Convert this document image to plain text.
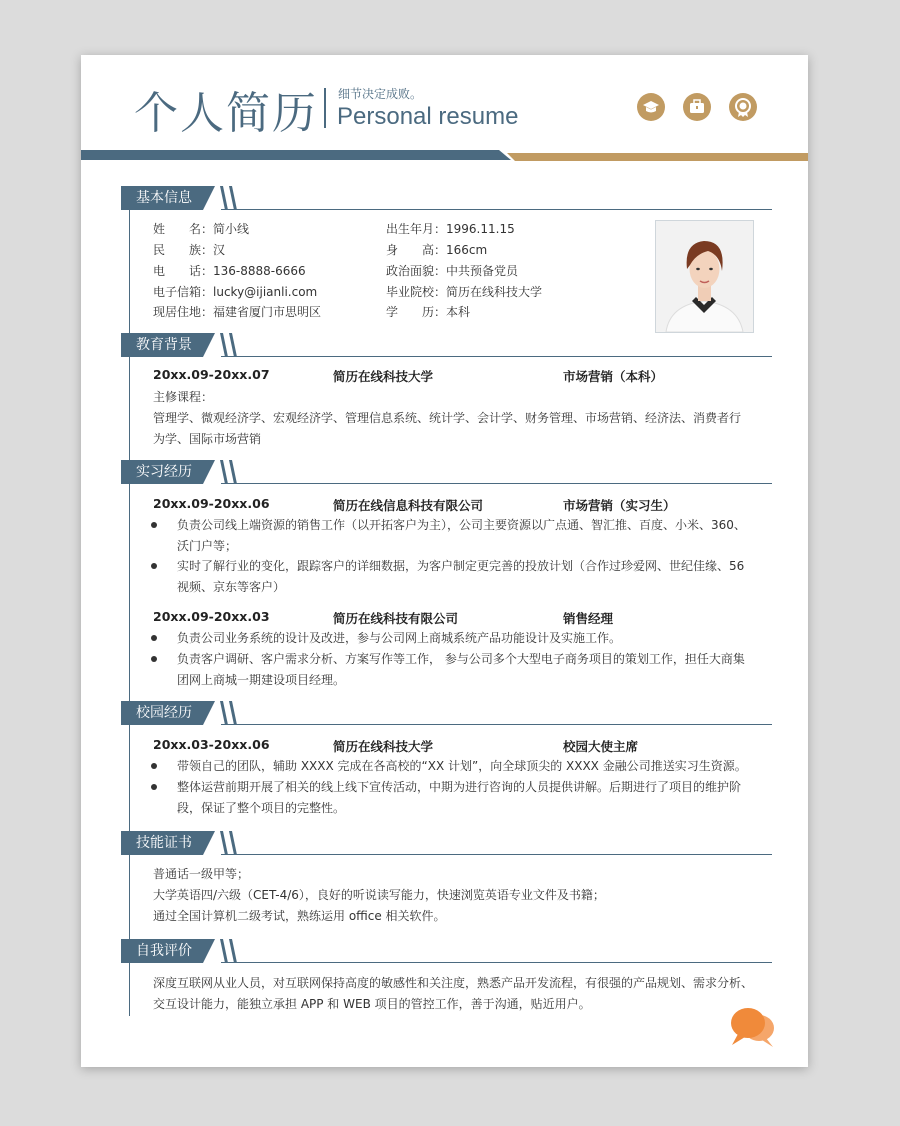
个人简历 细节决定成败。
Personal resume
基本信息
姓　　名：简小线
民　　族：汉
电　　话：136-8888-6666
电子信箱：lucky@ijianli.com
现居住地：福建省厦门市思明区
出生年月：1996.11.15
身　　高：166cm
政治面貌：中共预备党员
毕业院校：简历在线科技大学
学　　历：本科
教育背景
20xx.09-20xx.07	简历在线科技大学	市场营销（本科）
主修课程：
管理学、微观经济学、宏观经济学、管理信息系统、统计学、会计学、财务管理、市场营销、经济法、消费者行
为学、国际市场营销
实习经历
20xx.09-20xx.06	简历在线信息科技有限公司	市场营销（实习生）
负责公司线上端资源的销售工作（以开拓客户为主），公司主要资源以广点通、智汇推、百度、小米、360、
沃门户等；
实时了解行业的变化，跟踪客户的详细数据，为客户制定更完善的投放计划（合作过珍爱网、世纪佳缘、56
视频、京东等客户）
20xx.09-20xx.03	简历在线科技有限公司	销售经理
负责公司业务系统的设计及改进，参与公司网上商城系统产品功能设计及实施工作。
负责客户调研、客户需求分析、方案写作等工作， 参与公司多个大型电子商务项目的策划工作，担任大商集
团网上商城一期建设项目经理。
校园经历
20xx.03-20xx.06	简历在线科技大学	校园大使主席
带领自己的团队，辅助 XXXX 完成在各高校的“XX 计划”，向全球顶尖的 XXXX 金融公司推送实习生资源。
整体运营前期开展了相关的线上线下宣传活动，中期为进行咨询的人员提供讲解。后期进行了项目的维护阶
段，保证了整个项目的完整性。
技能证书
普通话一级甲等；
大学英语四/六级（CET-4/6），良好的听说读写能力，快速浏览英语专业文件及书籍；
通过全国计算机二级考试，熟练运用 office 相关软件。
自我评价
深度互联网从业人员，对互联网保持高度的敏感性和关注度，熟悉产品开发流程，有很强的产品规划、需求分析、
交互设计能力，能独立承担 APP 和 WEB 项目的管控工作，善于沟通，贴近用户。
